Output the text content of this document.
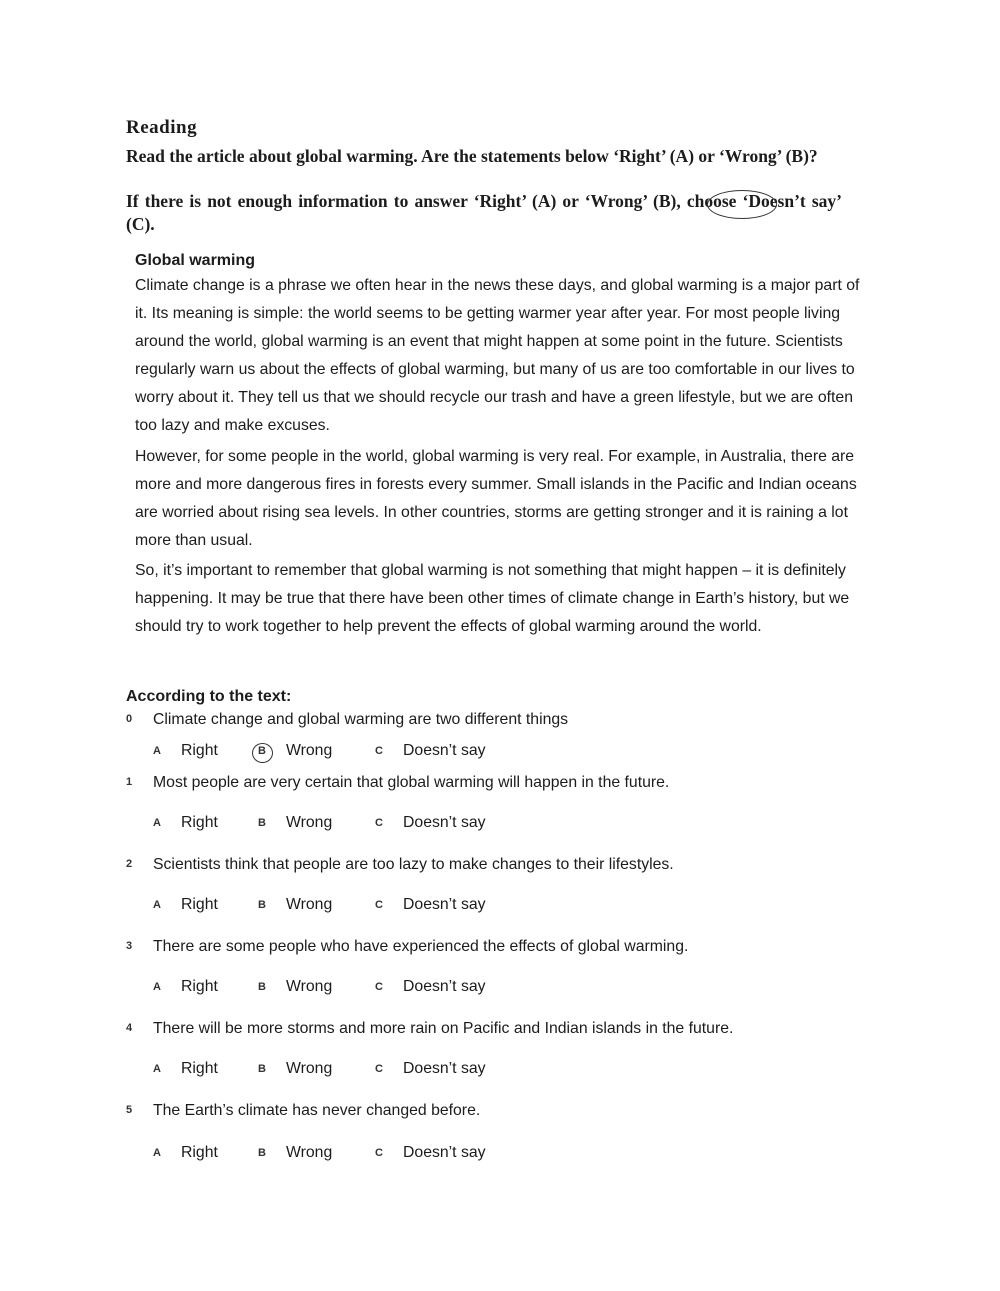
Reading
Read the article about global warming. Are the statements below ‘Right’ (A) or ‘Wrong’ (B)?
If there is not enough information to answer ‘Right’ (A) or ‘Wrong’ (B), choose ‘Doesn’t say’ (C).
Global warming

Climate change is a phrase we often hear in the news these days, and global warming is a major part of it. Its meaning is simple: the world seems to be getting warmer year after year. For most people living around the world, global warming is an event that might happen at some point in the future. Scientists regularly warn us about the effects of global warming, but many of us are too comfortable in our lives to worry about it. They tell us that we should recycle our trash and have a green lifestyle, but we are often too lazy and make excuses.

However, for some people in the world, global warming is very real. For example, in Australia, there are more and more dangerous fires in forests every summer. Small islands in the Pacific and Indian oceans are worried about rising sea levels. In other countries, storms are getting stronger and it is raining a lot more than usual.

So, it’s important to remember that global warming is not something that might happen – it is definitely happening. It may be true that there have been other times of climate change in Earth’s history, but we should try to work together to help prevent the effects of global warming around the world.

According to the text:
0	Climate change and global warming are two different things
A Right	B Wrong	C Doesn’t say
1	Most people are very certain that global warming will happen in the future.
A Right	B Wrong	C Doesn’t say
2	Scientists think that people are too lazy to make changes to their lifestyles.
A Right	B Wrong	C Doesn’t say
3	There are some people who have experienced the effects of global warming.
A Right	B Wrong	C Doesn’t say
4	There will be more storms and more rain on Pacific and Indian islands in the future.
A Right	B Wrong	C Doesn’t say
5	The Earth’s climate has never changed before.
A Right	B Wrong	C Doesn’t say
